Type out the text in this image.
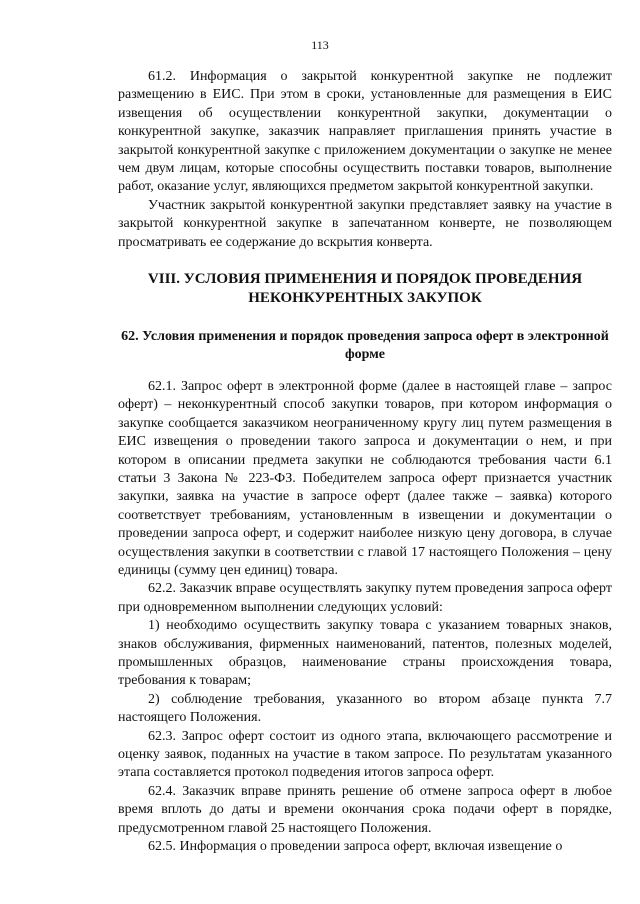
113

61.2. Информация о закрытой конкурентной закупке не подлежит размещению в ЕИС. При этом в сроки, установленные для размещения в ЕИС извещения об осуществлении конкурентной закупки, документации о конкурентной закупке, заказчик направляет приглашения принять участие в закрытой конкурентной закупке с приложением документации о закупке не менее чем двум лицам, которые способны осуществить поставки товаров, выполнение работ, оказание услуг, являющихся предметом закрытой конкурентной закупки.

Участник закрытой конкурентной закупки представляет заявку на участие в закрытой конкурентной закупке в запечатанном конверте, не позволяющем просматривать ее содержание до вскрытия конверта.

VIII. УСЛОВИЯ ПРИМЕНЕНИЯ И ПОРЯДОК ПРОВЕДЕНИЯ НЕКОНКУРЕНТНЫХ ЗАКУПОК
62. Условия применения и порядок проведения запроса оферт в электронной форме

62.1. Запрос оферт в электронной форме (далее в настоящей главе – запрос оферт) – неконкурентный способ закупки товаров, при котором информация о закупке сообщается заказчиком неограниченному кругу лиц путем размещения в ЕИС извещения о проведении такого запроса и документации о нем, и при котором в описании предмета закупки не соблюдаются требования части 6.1 статьи 3 Закона № 223-ФЗ. Победителем запроса оферт признается участник закупки, заявка на участие в запросе оферт (далее также – заявка) которого соответствует требованиям, установленным в извещении и документации о проведении запроса оферт, и содержит наиболее низкую цену договора, в случае осуществления закупки в соответствии с главой 17 настоящего Положения – цену единицы (сумму цен единиц) товара.

62.2. Заказчик вправе осуществлять закупку путем проведения запроса оферт при одновременном выполнении следующих условий:

1) необходимо осуществить закупку товара с указанием товарных знаков, знаков обслуживания, фирменных наименований, патентов, полезных моделей, промышленных образцов, наименование страны происхождения товара, требования к товарам;

2) соблюдение требования, указанного во втором абзаце пункта 7.7 настоящего Положения.

62.3. Запрос оферт состоит из одного этапа, включающего рассмотрение и оценку заявок, поданных на участие в таком запросе. По результатам указанного этапа составляется протокол подведения итогов запроса оферт.

62.4. Заказчик вправе принять решение об отмене запроса оферт в любое время вплоть до даты и времени окончания срока подачи оферт в порядке, предусмотренном главой 25 настоящего Положения.

62.5. Информация о проведении запроса оферт, включая извещение о
